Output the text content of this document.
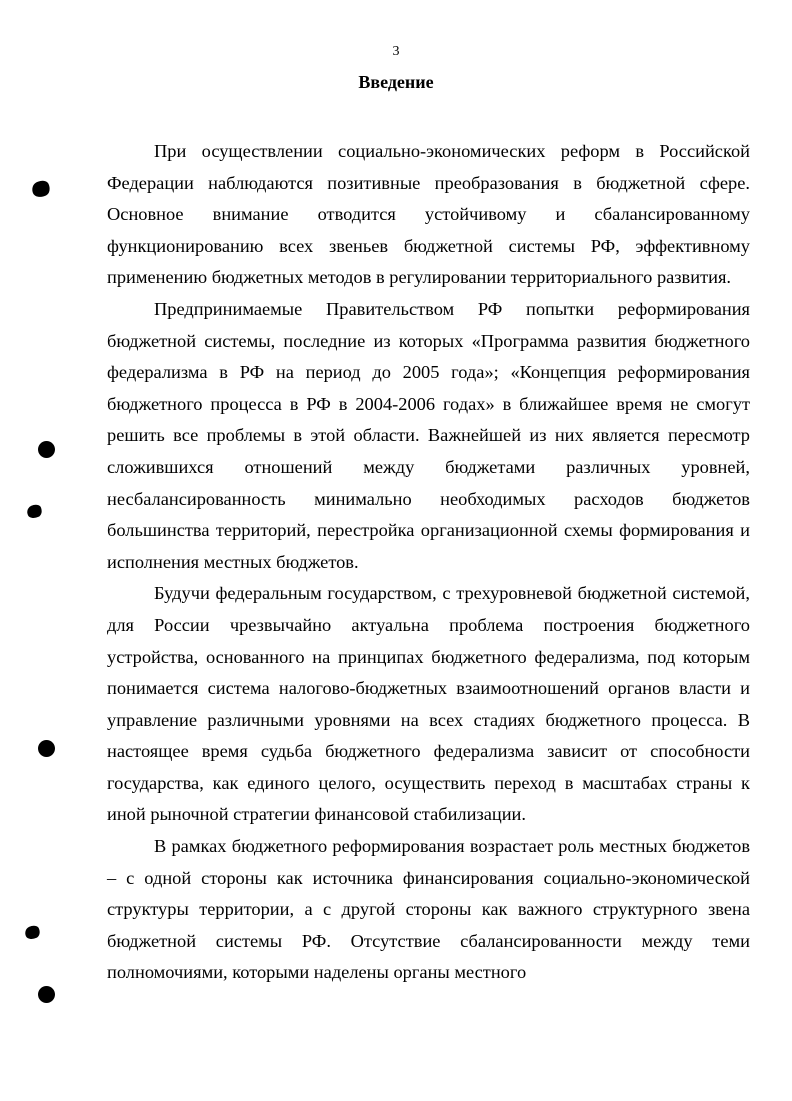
3
Введение

При осуществлении социально-экономических реформ в Российской Федерации наблюдаются позитивные преобразования в бюджетной сфере. Основное внимание отводится устойчивому и сбалансированному функционированию всех звеньев бюджетной системы РФ, эффективному применению бюджетных методов в регулировании территориального развития.

Предпринимаемые Правительством РФ попытки реформирования бюджетной системы, последние из которых «Программа развития бюджетного федерализма в РФ на период до 2005 года»; «Концепция реформирования бюджетного процесса в РФ в 2004-2006 годах» в ближайшее время не смогут решить все проблемы в этой области. Важнейшей из них является пересмотр сложившихся отношений между бюджетами различных уровней, несбалансированность минимально необходимых расходов бюджетов большинства территорий, перестройка организационной схемы формирования и исполнения местных бюджетов.

Будучи федеральным государством, с трехуровневой бюджетной системой, для России чрезвычайно актуальна проблема построения бюджетного устройства, основанного на принципах бюджетного федерализма, под которым понимается система налогово-бюджетных взаимоотношений органов власти и управление различными уровнями на всех стадиях бюджетного процесса. В настоящее время судьба бюджетного федерализма зависит от способности государства, как единого целого, осуществить переход в масштабах страны к иной рыночной стратегии финансовой стабилизации.

В рамках бюджетного реформирования возрастает роль местных бюджетов – с одной стороны как источника финансирования социально-экономической структуры территории, а с другой стороны как важного структурного звена бюджетной системы РФ. Отсутствие сбалансированности между теми полномочиями, которыми наделены органы местного
